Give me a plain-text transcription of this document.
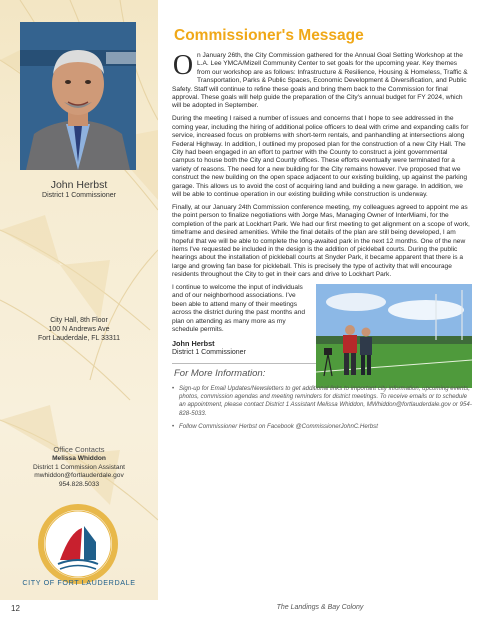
John Herbst
District 1 Commissioner
City Hall, 8th Floor
100 N Andrews Ave
Fort Lauderdale, FL 33311
Office Contacts
Melissa Whiddon
District 1 Commission Assistant
mwhiddon@fortlauderdale.gov
954.828.5033
CITY OF FORT LAUDERDALE
12	The Landings & Bay Colony
Commissioner's Message
O n January 26th, the City Commission gathered for the Annual Goal Setting Workshop at the L.A. Lee YMCA/Mizell Community Center to set goals for the upcoming year. Key themes from our workshop are as follows: Infrastructure & Resilience, Housing & Homeless, Traffic & Transportation, Parks & Public Spaces, Economic Development & Diversification, and Public Safety. Staff will continue to refine these goals and bring them back to the Commission for final approval. These goals will help guide the preparation of the City's annual budget for FY 2024, which will be adopted in September.

During the meeting I raised a number of issues and concerns that I hope to see addressed in the coming year, including the hiring of additional police officers to deal with crime and expanding calls for service, increased focus on problems with short-term rentals, and panhandling at intersections along Federal Highway. In addition, I outlined my proposed plan for the construction of a new City Hall. The City had been engaged in an effort to partner with the County to construct a joint governmental campus to house both the City and County offices. These efforts eventually were terminated for a variety of reasons. The need for a new building for the City remains however. I've proposed that we construct the new building on the open space adjacent to our existing building, up against the parking garage. This allows us to avoid the cost of acquiring land and building a new garage. In addition, we will be able to continue operation in our existing building while construction is underway.

Finally, at our January 24th Commission conference meeting, my colleagues agreed to appoint me as the point person to finalize negotiations with Jorge Mas, Managing Owner of InterMiami, for the completion of the park at Lockhart Park. We had our first meeting to get alignment on a scope of work, timeframe and desired amenities. While the final details of the plan are still being developed, I am hopeful that we will be able to complete the long-awaited park in the next 12 months. One of the new items I've requested be included in the design is the addition of pickleball courts. During the public hearings about the installation of pickleball courts at Snyder Park, it became apparent that there is a large and growing fan base for pickleball. This is precisely the type of activity that will encourage residents throughout the City to get in their cars and drive to Lockhart Park.

I continue to welcome the input of individuals and of our neighborhood associations. I've been able to attend many of their meetings across the district during the past months and plan on attending as many more as my schedule permits.

John Herbst
District 1 Commissioner
For More Information:
• Sign-up for Email Updates/Newsletters to get additional links to important city information, upcoming events, photos, commission agendas and meeting reminders for district meetings. To receive emails or to schedule an appointment, please contact District 1 Assistant Melissa Whiddon, MWhiddon@fortlauderdale.gov or 954-828-5033.
• Follow Commissioner Herbst on Facebook @CommissionerJohnC.Herbst
